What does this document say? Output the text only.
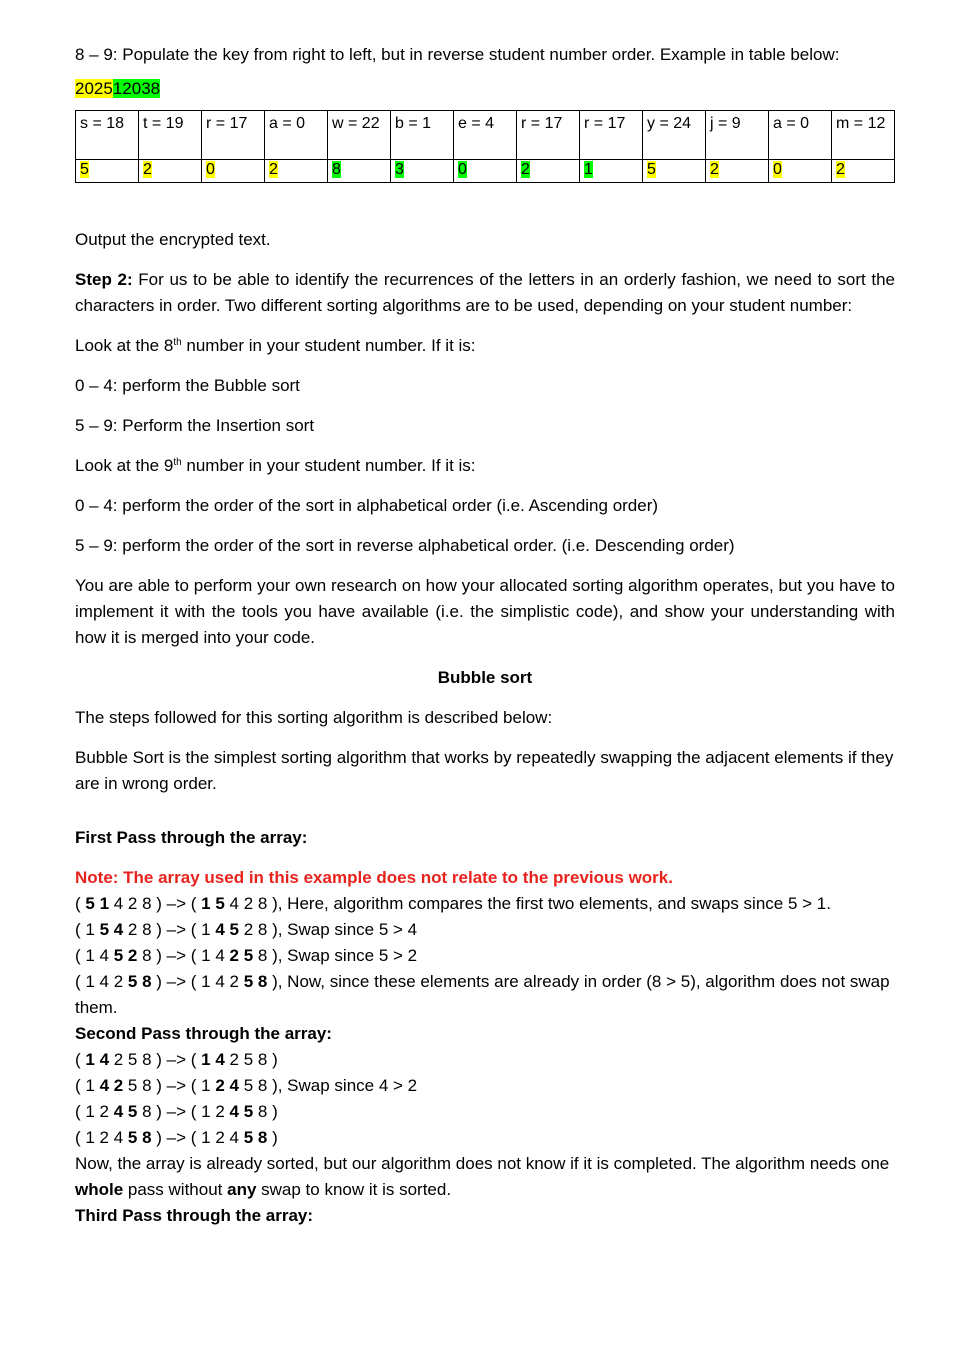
8 – 9: Populate the key from right to left, but in reverse student number order. Example in table below:

202512038

s = 18	t = 19	r = 17	a = 0	w = 22	b = 1	e = 4	r = 17	r = 17	y = 24	j = 9	a = 0	m = 12
5	2	0	2	8	3	0	2	1	5	2	0	2

Output the encrypted text.

Step 2: For us to be able to identify the recurrences of the letters in an orderly fashion, we need to sort the characters in order. Two different sorting algorithms are to be used, depending on your student number:

Look at the 8th number in your student number. If it is:

0 – 4: perform the Bubble sort

5 – 9: Perform the Insertion sort

Look at the 9th number in your student number. If it is:

0 – 4: perform the order of the sort in alphabetical order (i.e. Ascending order)

5 – 9: perform the order of the sort in reverse alphabetical order. (i.e. Descending order)

You are able to perform your own research on how your allocated sorting algorithm operates, but you have to implement it with the tools you have available (i.e. the simplistic code), and show your understanding with how it is merged into your code.

Bubble sort

The steps followed for this sorting algorithm is described below:

Bubble Sort is the simplest sorting algorithm that works by repeatedly swapping the adjacent elements if they are in wrong order.

First Pass through the array:

Note: The array used in this example does not relate to the previous work.

( 5 1 4 2 8 ) –> ( 1 5 4 2 8 ), Here, algorithm compares the first two elements, and swaps since 5 > 1.

( 1 5 4 2 8 ) –> ( 1 4 5 2 8 ), Swap since 5 > 4

( 1 4 5 2 8 ) –> ( 1 4 2 5 8 ), Swap since 5 > 2

( 1 4 2 5 8 ) –> ( 1 4 2 5 8 ), Now, since these elements are already in order (8 > 5), algorithm does not swap them.

Second Pass through the array:

( 1 4 2 5 8 ) –> ( 1 4 2 5 8 )

( 1 4 2 5 8 ) –> ( 1 2 4 5 8 ), Swap since 4 > 2

( 1 2 4 5 8 ) –> ( 1 2 4 5 8 )

( 1 2 4 5 8 ) –> ( 1 2 4 5 8 )

Now, the array is already sorted, but our algorithm does not know if it is completed. The algorithm needs one whole pass without any swap to know it is sorted.

Third Pass through the array:
